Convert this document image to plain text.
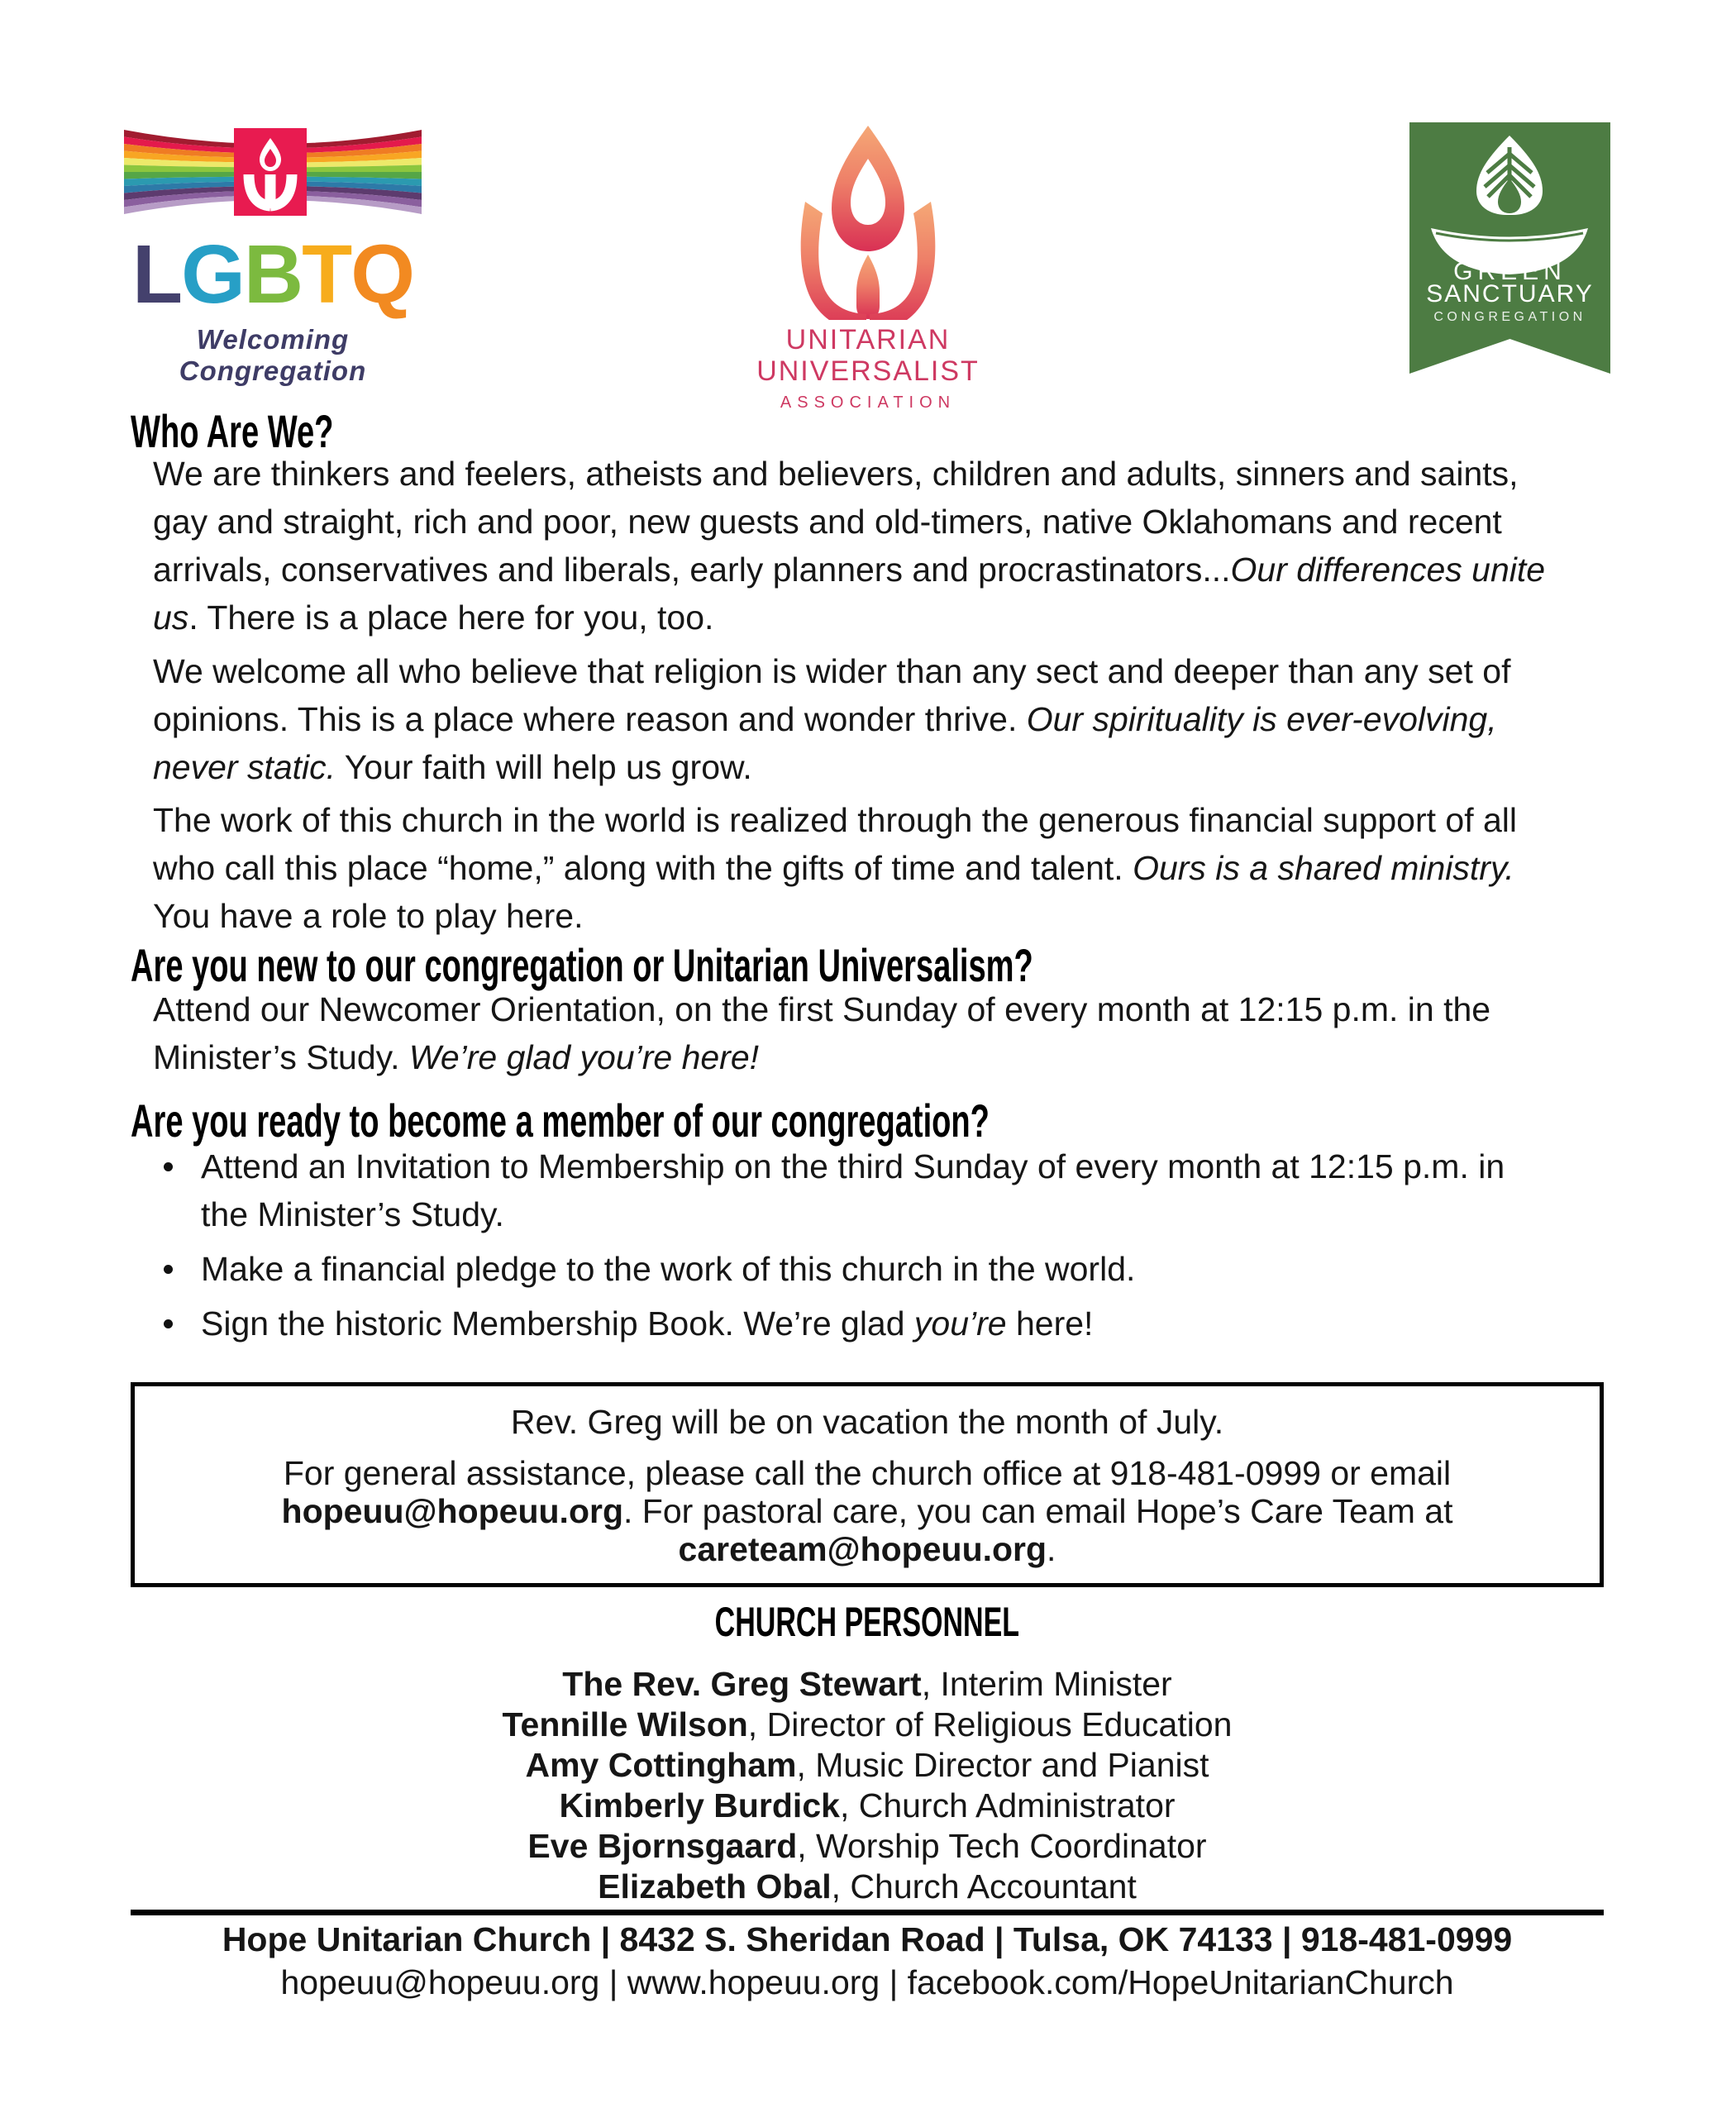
LGBTQ
Welcoming Congregation
UNITARIAN
UNIVERSALIST
ASSOCIATION
GREEN
SANCTUARY
CONGREGATION
Who Are We?

We are thinkers and feelers, atheists and believers, children and adults, sinners and saints, gay and straight, rich and poor, new guests and old-timers, native Oklahomans and recent arrivals, conservatives and liberals, early planners and procrastinators...Our differences unite us. There is a place here for you, too.

We welcome all who believe that religion is wider than any sect and deeper than any set of opinions. This is a place where reason and wonder thrive. Our spirituality is ever-evolving, never static. Your faith will help us grow.

The work of this church in the world is realized through the generous financial support of all who call this place “home,” along with the gifts of time and talent. Ours is a shared ministry. You have a role to play here.

Are you new to our congregation or Unitarian Universalism?

Attend our Newcomer Orientation, on the first Sunday of every month at 12:15 p.m. in the Minister’s Study. We’re glad you’re here!

Are you ready to become a member of our congregation?
Attend an Invitation to Membership on the third Sunday of every month at 12:15 p.m. in the Minister’s Study.
Make a financial pledge to the work of this church in the world.
Sign the historic Membership Book. We’re glad you’re here!
Rev. Greg will be on vacation the month of July.
For general assistance, please call the church office at 918-481-0999 or email
hopeuu@hopeuu.org. For pastoral care, you can email Hope’s Care Team at
careteam@hopeuu.org.
CHURCH PERSONNEL
The Rev. Greg Stewart, Interim Minister
Tennille Wilson, Director of Religious Education
Amy Cottingham, Music Director and Pianist
Kimberly Burdick, Church Administrator
Eve Bjornsgaard, Worship Tech Coordinator
Elizabeth Obal, Church Accountant
Hope Unitarian Church | 8432 S. Sheridan Road | Tulsa, OK 74133 | 918-481-0999
hopeuu@hopeuu.org | www.hopeuu.org | facebook.com/HopeUnitarianChurch
